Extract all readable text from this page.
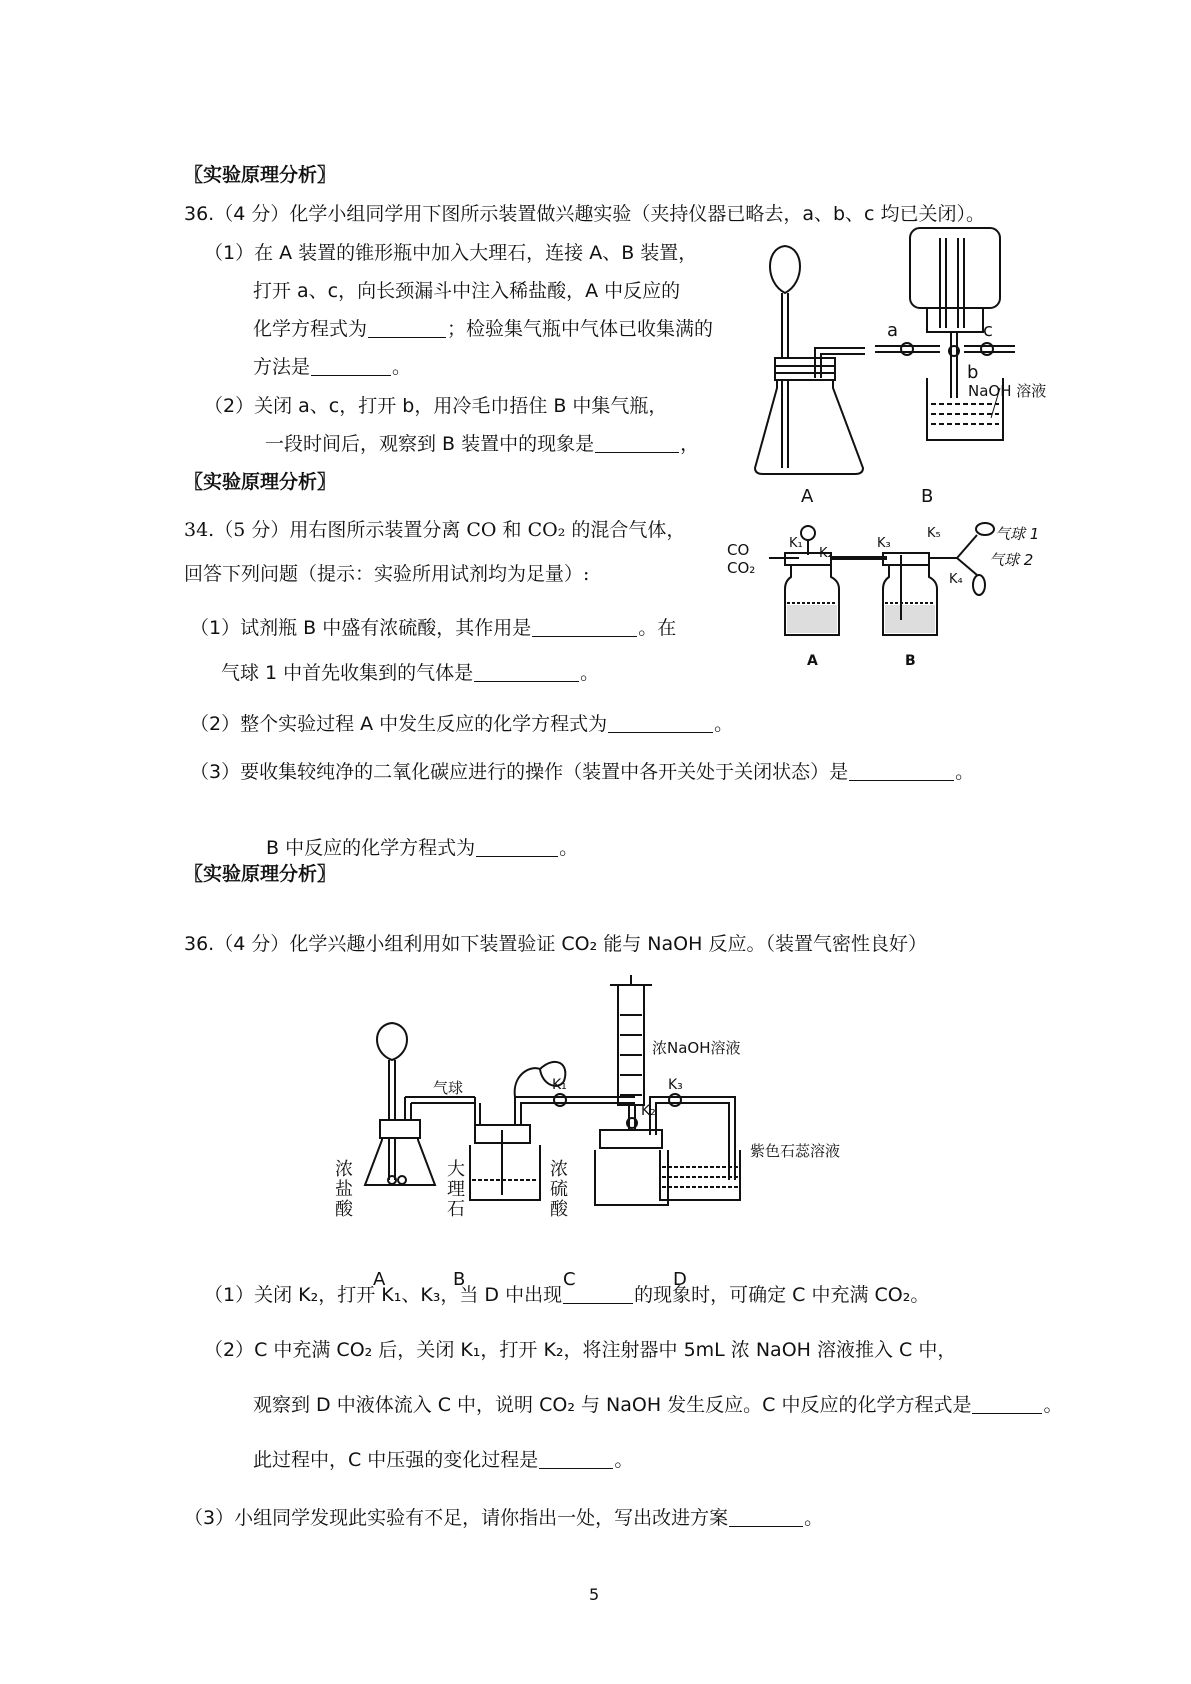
〖实验原理分析〗
36.（4 分）化学小组同学用下图所示装置做兴趣实验（夹持仪器已略去，a、b、c 均已关闭）。
（1）在 A 装置的锥形瓶中加入大理石，连接 A、B 装置，
打开 a、c，向长颈漏斗中注入稀盐酸，A 中反应的
化学方程式为	；检验集气瓶中气体已收集满的
方法是	。
（2）关闭 a、c，打开 b，用冷毛巾捂住 B 中集气瓶，
一段时间后，观察到 B 装置中的现象是	，
a	c
b
NaOH 溶液
A	B
〖实验原理分析〗
34.（5 分）用右图所示装置分离 CO 和 CO₂ 的混合气体，
回答下列问题（提示：实验所用试剂均为足量）:
（1）试剂瓶 B 中盛有浓硫酸，其作用是	。在
气球 1 中首先收集到的气体是	。
（2）整个实验过程 A 中发生反应的化学方程式为	。
（3）要收集较纯净的二氧化碳应进行的操作（装置中各开关处于关闭状态）是	。
B 中反应的化学方程式为	。
CO
CO₂
K₁
K₂
K₃
K₅
K₄
气球 1
气球 2
A	B
〖实验原理分析〗
36.（4 分）化学兴趣小组利用如下装置验证 CO₂ 能与 NaOH 反应。（装置气密性良好）
气球
浓NaOH溶液
K₁
K₂
K₃
紫色石蕊溶液
A	B	C	D
浓盐酸
大理石
浓硫酸
（1）关闭 K₂，打开 K₁、K₃，当 D 中出现	的现象时，可确定 C 中充满 CO₂。
（2）C 中充满 CO₂ 后，关闭 K₁，打开 K₂，将注射器中 5mL 浓 NaOH 溶液推入 C 中，
观察到 D 中液体流入 C 中，说明 CO₂ 与 NaOH 发生反应。C 中反应的化学方程式是	。
此过程中，C 中压强的变化过程是	。
（3）小组同学发现此实验有不足，请你指出一处，写出改进方案	。
5
